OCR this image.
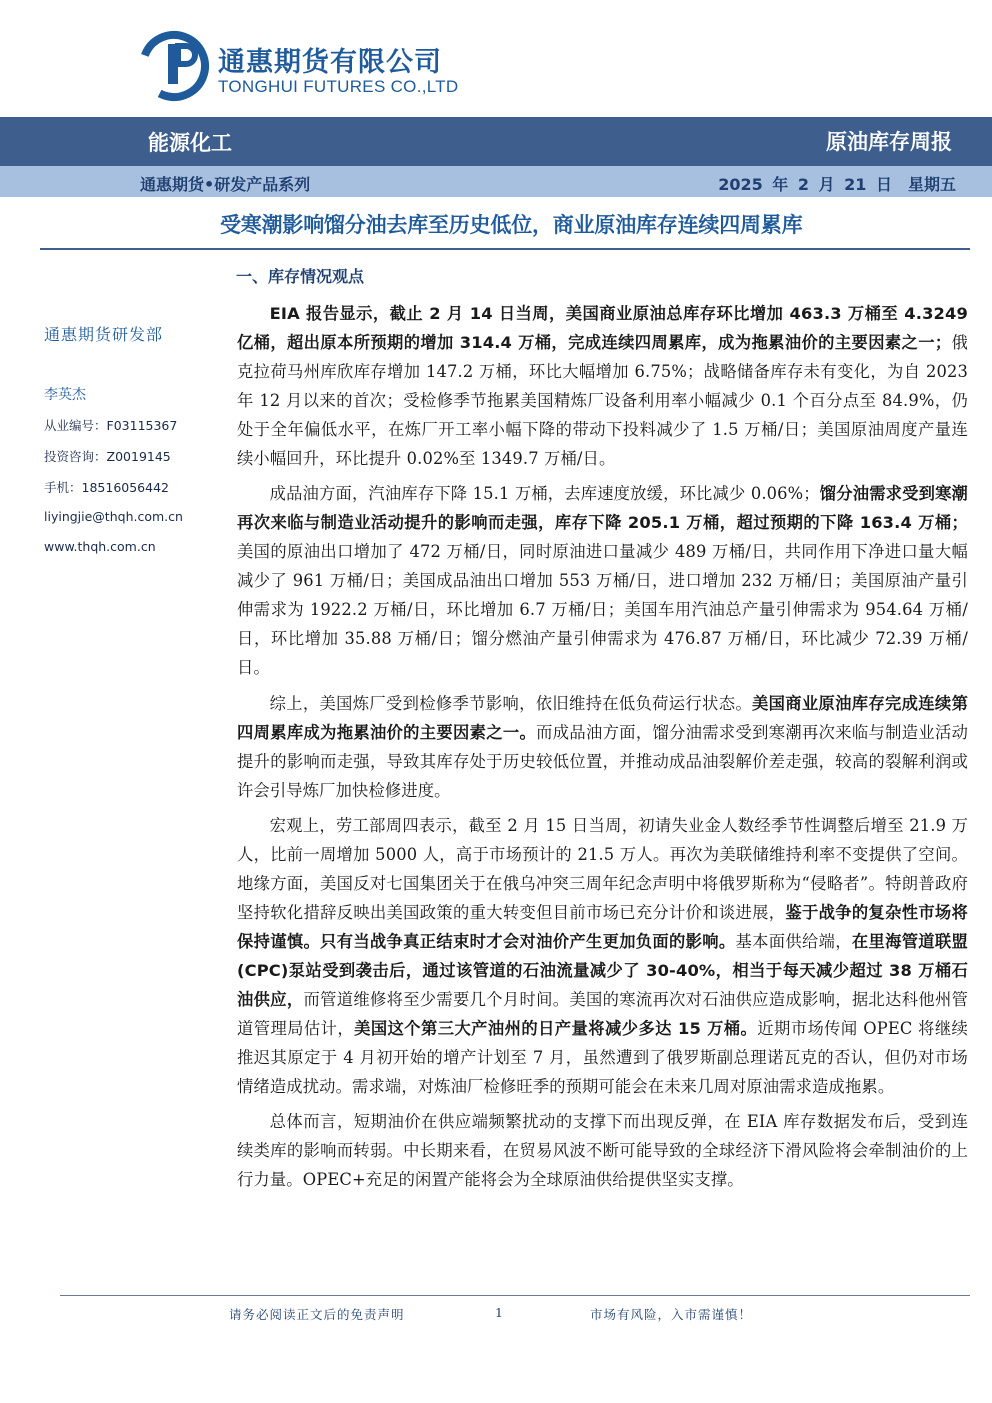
通惠期货有限公司
TONGHUI FUTURES CO.,LTD
能源化工	原油库存周报
通惠期货•研发产品系列	2025 年 2 月 21 日　星期五
受寒潮影响馏分油去库至历史低位，商业原油库存连续四周累库
通惠期货研发部
李英杰
从业编号：F03115367
投资咨询：Z0019145
手机：18516056442
liyingjie@thqh.com.cn
www.thqh.com.cn
一、库存情况观点

EIA 报告显示，截止 2 月 14 日当周，美国商业原油总库存环比增加 463.3 万桶至 4.3249 亿桶，超出原本所预期的增加 314.4 万桶，完成连续四周累库，成为拖累油价的主要因素之一；俄克拉荷马州库欣库存增加 147.2 万桶，环比大幅增加 6.75%；战略储备库存未有变化，为自 2023 年 12 月以来的首次；受检修季节拖累美国精炼厂设备利用率小幅减少 0.1 个百分点至 84.9%，仍处于全年偏低水平，在炼厂开工率小幅下降的带动下投料减少了 1.5 万桶/日；美国原油周度产量连续小幅回升，环比提升 0.02%至 1349.7 万桶/日。

成品油方面，汽油库存下降 15.1 万桶，去库速度放缓，环比减少 0.06%；馏分油需求受到寒潮再次来临与制造业活动提升的影响而走强，库存下降 205.1 万桶，超过预期的下降 163.4 万桶；美国的原油出口增加了 472 万桶/日，同时原油进口量减少 489 万桶/日，共同作用下净进口量大幅减少了 961 万桶/日；美国成品油出口增加 553 万桶/日，进口增加 232 万桶/日；美国原油产量引伸需求为 1922.2 万桶/日，环比增加 6.7 万桶/日；美国车用汽油总产量引伸需求为 954.64 万桶/日，环比增加 35.88 万桶/日；馏分燃油产量引伸需求为 476.87 万桶/日，环比减少 72.39 万桶/日。

综上，美国炼厂受到检修季节影响，依旧维持在低负荷运行状态。美国商业原油库存完成连续第四周累库成为拖累油价的主要因素之一。而成品油方面，馏分油需求受到寒潮再次来临与制造业活动提升的影响而走强，导致其库存处于历史较低位置，并推动成品油裂解价差走强，较高的裂解利润或许会引导炼厂加快检修进度。

宏观上，劳工部周四表示，截至 2 月 15 日当周，初请失业金人数经季节性调整后增至 21.9 万人，比前一周增加 5000 人，高于市场预计的 21.5 万人。再次为美联储维持利率不变提供了空间。地缘方面，美国反对七国集团关于在俄乌冲突三周年纪念声明中将俄罗斯称为“侵略者”。特朗普政府坚持软化措辞反映出美国政策的重大转变但目前市场已充分计价和谈进展，鉴于战争的复杂性市场将保持谨慎。只有当战争真正结束时才会对油价产生更加负面的影响。基本面供给端，在里海管道联盟(CPC)泵站受到袭击后，通过该管道的石油流量减少了 30-40%，相当于每天减少超过 38 万桶石油供应，而管道维修将至少需要几个月时间。美国的寒流再次对石油供应造成影响，据北达科他州管道管理局估计，美国这个第三大产油州的日产量将减少多达 15 万桶。近期市场传闻 OPEC 将继续推迟其原定于 4 月初开始的增产计划至 7 月，虽然遭到了俄罗斯副总理诺瓦克的否认，但仍对市场情绪造成扰动。需求端，对炼油厂检修旺季的预期可能会在未来几周对原油需求造成拖累。

总体而言，短期油价在供应端频繁扰动的支撑下而出现反弹，在 EIA 库存数据发布后，受到连续类库的影响而转弱。中长期来看，在贸易风波不断可能导致的全球经济下滑风险将会牵制油价的上行力量。OPEC+充足的闲置产能将会为全球原油供给提供坚实支撑。

请务必阅读正文后的免责声明	1	市场有风险，入市需谨慎！
